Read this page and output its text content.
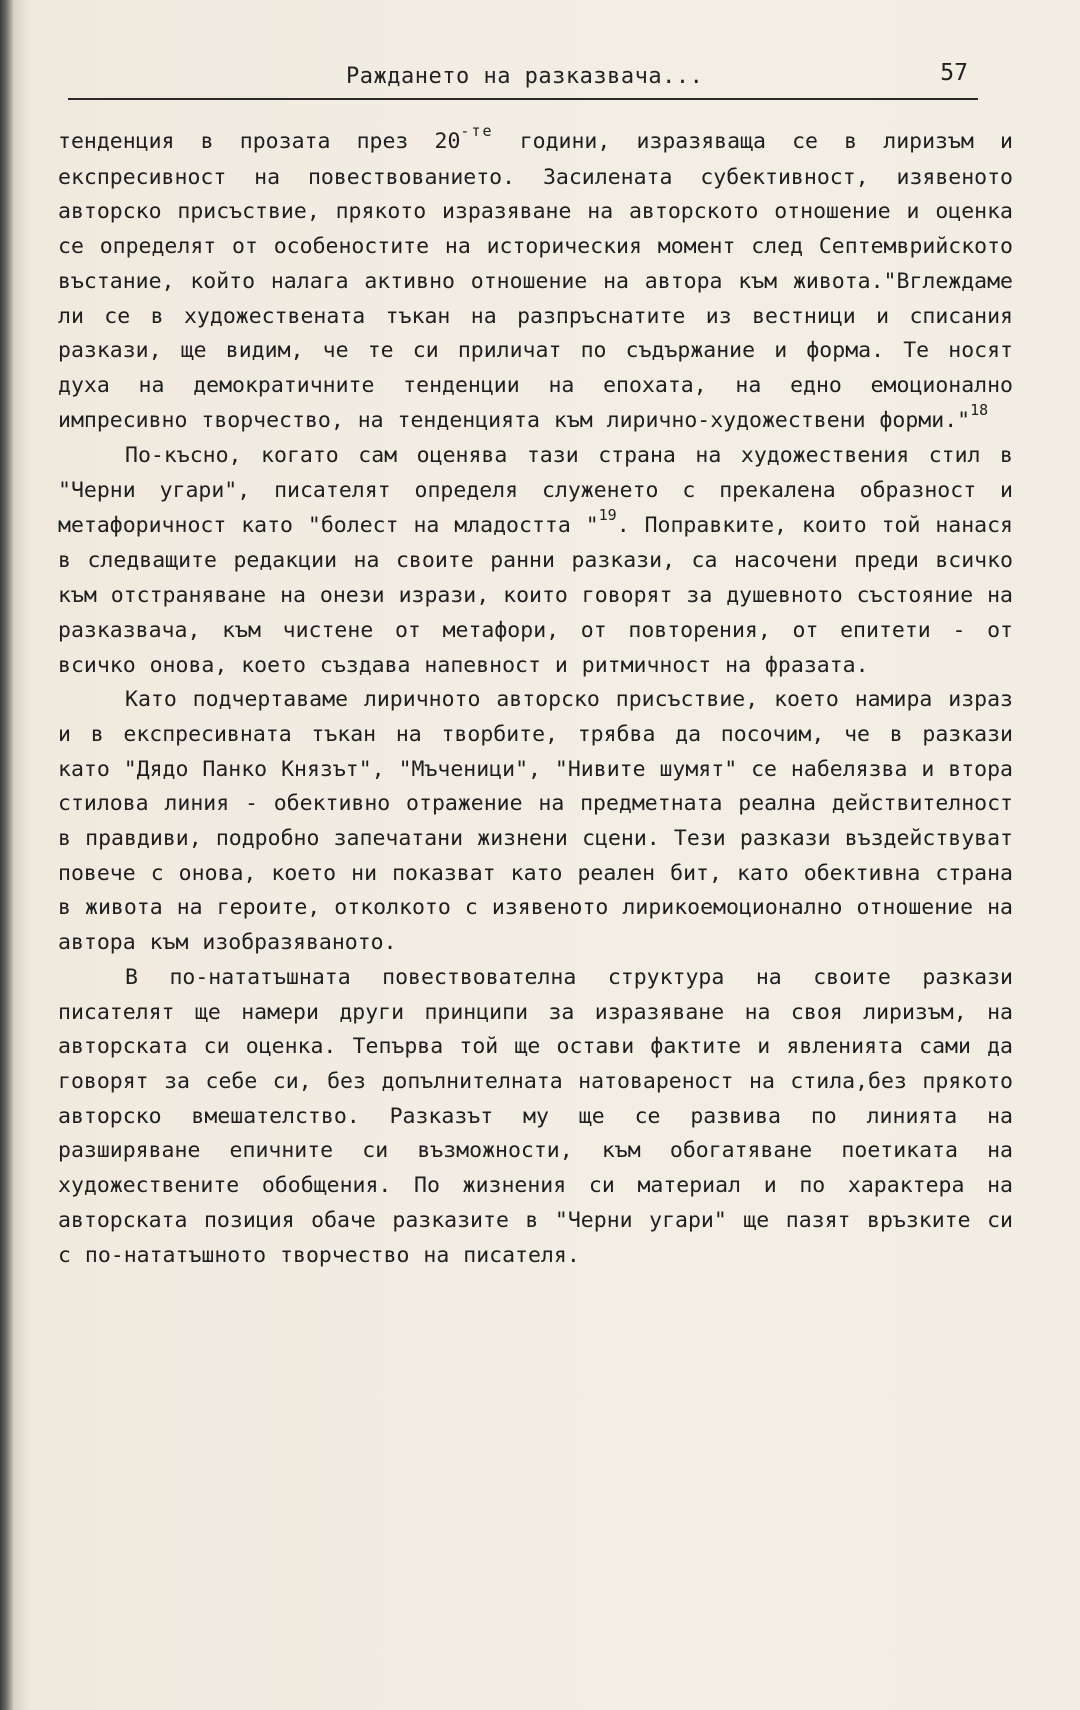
Раждането на разказвача...	57

тенденция в прозата през $20^{-те}$ години, изразяваща се в лиризъм и експресивност на повествованието. Засилената субективност, изявеното авторско присъствие, прякото изразяване на авторското отношение и оценка се определят от особеностите на историческия момент след Септемврийското въстание, който налага активно отношение на автора към живота."Вглеждаме ли се в художествената тъкан на разпръснатите из вестници и списания разкази, ще видим, че те си приличат по съдържание и форма. Те носят духа на демократичните тенденции на епохата, на едно емоционално импресивно творчество, на тенденцията към лирично-художествени форми."$^{18}$

По-късно, когато сам оценява тази страна на художествения стил в "Черни угари", писателят определя служенето с прекалена образност и метафоричност като "болест на младостта "$^{19}$. Поправките, които той нанася в следващите редакции на своите ранни разкази, са насочени преди всичко към отстраняване на онези изрази, които говорят за душевното състояние на разказвача, към чистене от метафори, от повторения, от епитети - от всичко онова, което създава напевност и ритмичност на фразата.

Като подчертаваме лиричното авторско присъствие, което намира израз и в експресивната тъкан на творбите, трябва да посочим, че в разкази като "Дядо Панко Князът", "Мъченици", "Нивите шумят" се набелязва и втора стилова линия - обективно отражение на предметната реална действителност в правдиви, подробно запечатани жизнени сцени. Тези разкази въздействуват повече с онова, което ни показват като реален бит, като обективна страна в живота на героите, отколкото с изявеното лирикоемоционално отношение на автора към изобразяваното.

В по-нататъшната повествователна структура на своите разкази писателят ще намери други принципи за изразяване на своя лиризъм, на авторската си оценка. Тепърва той ще остави фактите и явленията сами да говорят за себе си, без допълнителната натовареност на стила,без прякото авторско вмешателство. Разказът му ще се развива по линията на разширяване епичните си възможности, към обогатяване поетиката на художествените обобщения. По жизнения си материал и по характера на авторската позиция обаче разказите в "Черни угари" ще пазят връзките си с по-нататъшното творчество на писателя.
